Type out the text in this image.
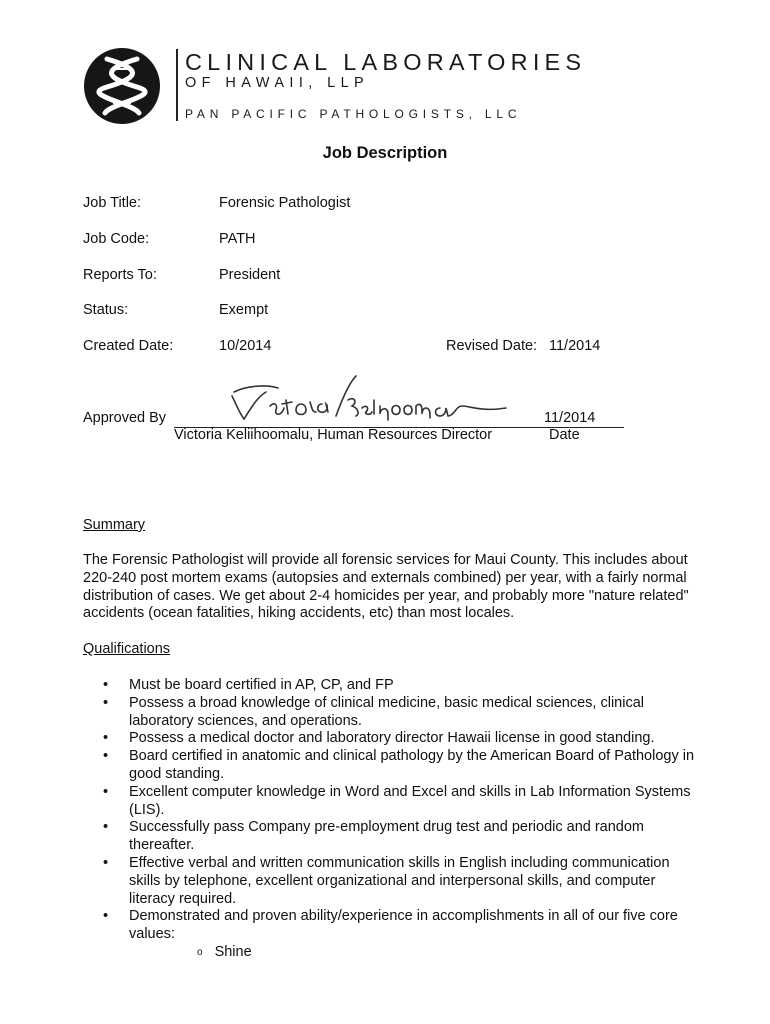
CLINICAL LABORATORIES
OF HAWAII, LLP
PAN PACIFIC PATHOLOGISTS, LLC
Job Description
Job Title:	Forensic Pathologist
Job Code:	PATH
Reports To:	President
Status:	Exempt
Created Date:	10/2014	Revised Date: 11/2014
Approved By	11/2014
Victoria Keliihoomalu, Human Resources Director	Date
Summary
The Forensic Pathologist will provide all forensic services for Maui County. This includes about 220-240 post mortem exams (autopsies and externals combined) per year, with a fairly normal distribution of cases. We get about 2-4 homicides per year, and probably more "nature related" accidents (ocean fatalities, hiking accidents, etc) than most locales.
Qualifications
• Must be board certified in AP, CP, and FP
• Possess a broad knowledge of clinical medicine, basic medical sciences, clinical laboratory sciences, and operations.
• Possess a medical doctor and laboratory director Hawaii license in good standing.
• Board certified in anatomic and clinical pathology by the American Board of Pathology in good standing.
• Excellent computer knowledge in Word and Excel and skills in Lab Information Systems (LIS).
• Successfully pass Company pre-employment drug test and periodic and random thereafter.
• Effective verbal and written communication skills in English including communication skills by telephone, excellent organizational and interpersonal skills, and computer literacy required.
• Demonstrated and proven ability/experience in accomplishments in all of our five core values:
o Shine
